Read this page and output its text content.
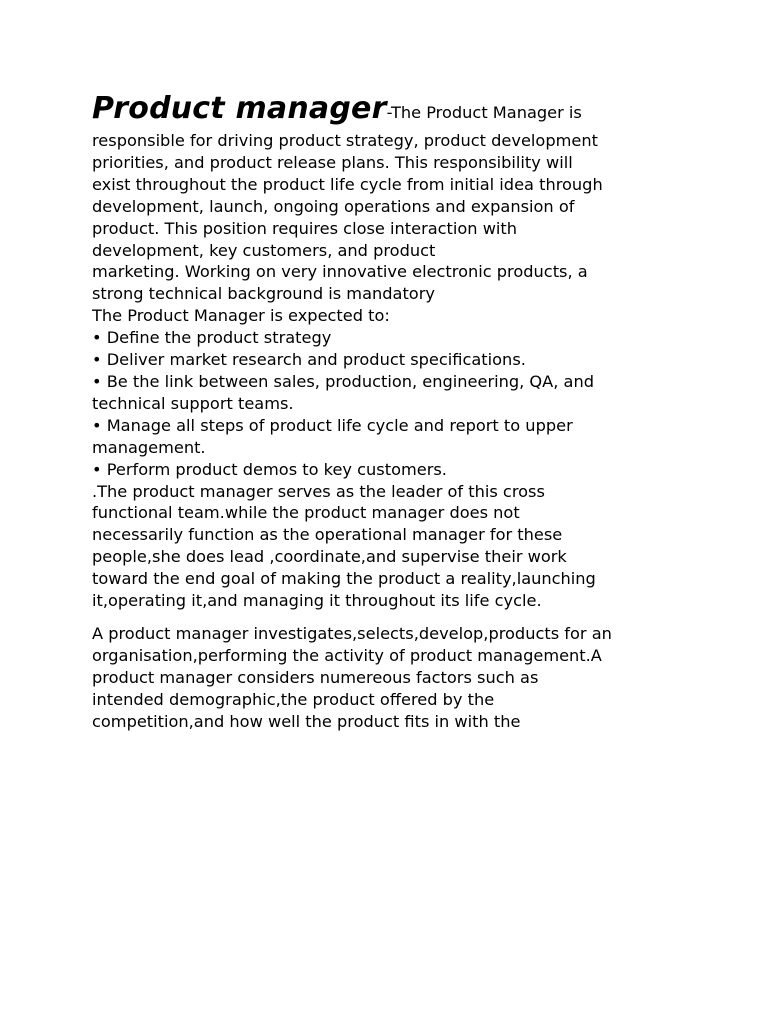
Product manager-The Product Manager is
responsible for driving product strategy, product development
priorities, and product release plans. This responsibility will
exist throughout the product life cycle from initial idea through
development, launch, ongoing operations and expansion of
product. This position requires close interaction with
development, key customers, and product
marketing. Working on very innovative electronic products, a
strong technical background is mandatory
The Product Manager is expected to:
• Define the product strategy
• Deliver market research and product specifications.
• Be the link between sales, production, engineering, QA, and
technical support teams.
• Manage all steps of product life cycle and report to upper
management.
• Perform product demos to key customers.
.The product manager serves as the leader of this cross
functional team.while the product manager does not
necessarily function as the operational manager for these
people,she does lead ,coordinate,and supervise their work
toward the end goal of making the product a reality,launching
it,operating it,and managing it throughout its life cycle.
A product manager investigates,selects,develop,products for an
organisation,performing the activity of product management.A
product manager considers numereous factors such as
intended demographic,the product offered by the
competition,and how well the product fits in with the
